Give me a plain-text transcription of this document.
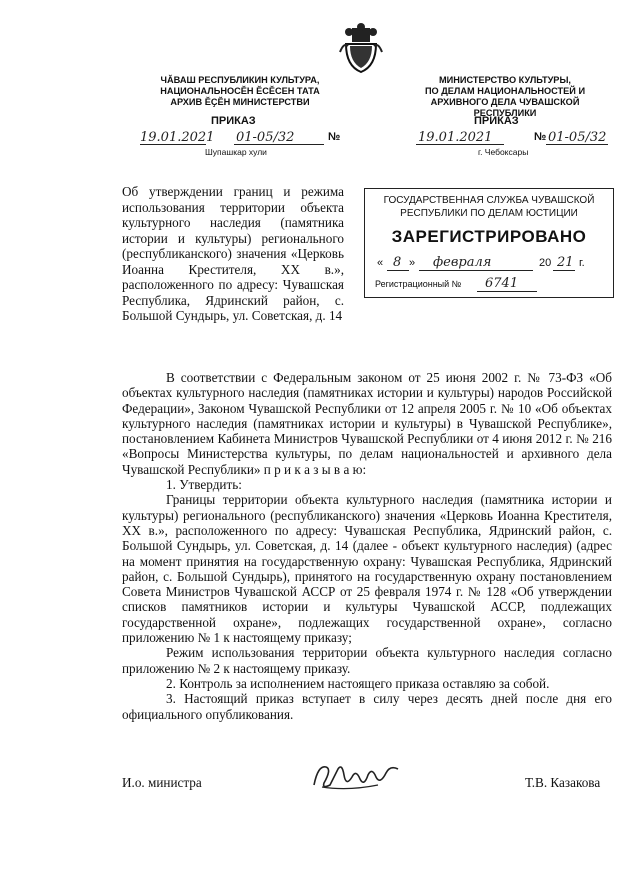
ЧӐВАШ РЕСПУБЛИКИН КУЛЬТУРА,
НАЦИОНАЛЬНОСĔН ĔСĔСЕН ТАТА
АРХИВ ĔҪĔН МИНИСТЕРСТВИ
МИНИСТЕРСТВО КУЛЬТУРЫ,
ПО ДЕЛАМ НАЦИОНАЛЬНОСТЕЙ И
АРХИВНОГО ДЕЛА ЧУВАШСКОЙ РЕСПУБЛИКИ
ПРИКАЗ	ПРИКАЗ
19.01.2021 01-05/32	№
Шупашкар хули
19.01.2021	№ 01-05/32
г. Чебоксары
Об утверждении границ и режима использования территории объекта культурного наследия (памятника истории и культуры) регионального (республиканского) значения «Церковь Иоанна Крестителя, XX в.», расположенного по адресу: Чувашская Республика, Ядринский район, с. Большой Сундырь, ул. Советская, д. 14
ГОСУДАРСТВЕННАЯ СЛУЖБА ЧУВАШСКОЙ
РЕСПУБЛИКИ ПО ДЕЛАМ ЮСТИЦИИ
ЗАРЕГИСТРИРОВАНО
« 8 » февраля	20 21 г.
Регистрационный № 6741

В соответствии с Федеральным законом от 25 июня 2002 г. № 73-ФЗ «Об объектах культурного наследия (памятниках истории и культуры) народов Российской Федерации», Законом Чувашской Республики от 12 апреля 2005 г. № 10 «Об объектах культурного наследия (памятниках истории и культуры) в Чувашской Республике», постановлением Кабинета Министров Чувашской Республики от 4 июня 2012 г. № 216 «Вопросы Министерства культуры, по делам национальностей и архивного дела Чувашской Республики» п р и к а з ы в а ю:

1. Утвердить:

Границы территории объекта культурного наследия (памятника истории и культуры) регионального (республиканского) значения «Церковь Иоанна Крестителя, XX в.», расположенного по адресу: Чувашская Республика, Ядринский район, с. Большой Сундырь, ул. Советская, д. 14 (далее - объект культурного наследия) (адрес на момент принятия на государственную охрану: Чувашская Республика, Ядринский район, с. Большой Сундырь), принятого на государственную охрану постановлением Совета Министров Чувашской АССР от 25 февраля 1974 г. № 128 «Об утверждении списков памятников истории и культуры Чувашской АССР, подлежащих государственной охране», подлежащих государственной охране», согласно приложению № 1 к настоящему приказу;

Режим использования территории объекта культурного наследия согласно приложению № 2 к настоящему приказу.

2. Контроль за исполнением настоящего приказа оставляю за собой.

3. Настоящий приказ вступает в силу через десять дней после дня его официального опубликования.

И.о. министра	Т.В. Казакова
